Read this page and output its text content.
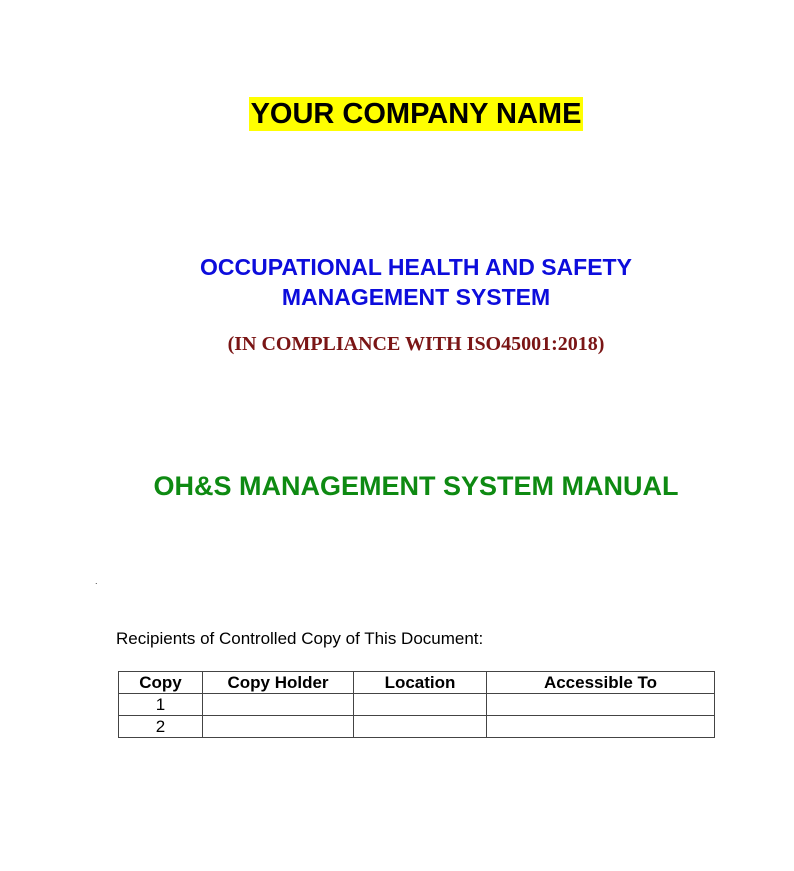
YOUR COMPANY NAME
OCCUPATIONAL HEALTH AND SAFETY
MANAGEMENT SYSTEM
(IN COMPLIANCE WITH ISO45001:2018)
OH&S MANAGEMENT SYSTEM MANUAL
.
Recipients of Controlled Copy of This Document:
Copy	Copy Holder	Location	Accessible To
1			
2			
